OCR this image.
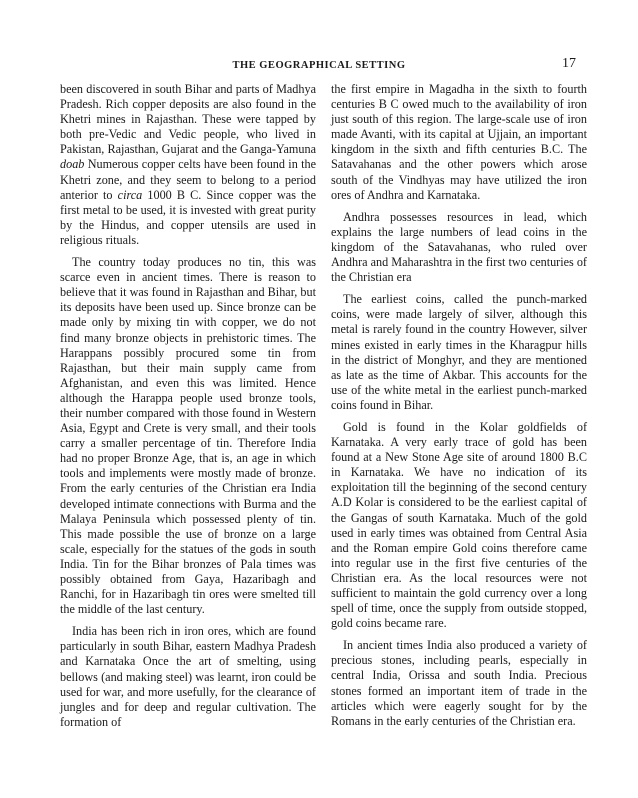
THE GEOGRAPHICAL SETTING	17

been discovered in south Bihar and parts of Madhya Pradesh. Rich copper deposits are also found in the Khetri mines in Rajasthan. These were tapped by both pre-Vedic and Vedic people, who lived in Pakistan, Rajasthan, Gujarat and the Ganga-Yamuna doab Numerous copper celts have been found in the Khetri zone, and they seem to belong to a period anterior to circa 1000 B C. Since copper was the first metal to be used, it is invested with great purity by the Hindus, and copper utensils are used in religious rituals.

The country today produces no tin, this was scarce even in ancient times. There is reason to believe that it was found in Rajasthan and Bihar, but its deposits have been used up. Since bronze can be made only by mixing tin with copper, we do not find many bronze objects in prehistoric times. The Harappans possibly procured some tin from Rajasthan, but their main supply came from Afghanistan, and even this was limited. Hence although the Harappa people used bronze tools, their number compared with those found in Western Asia, Egypt and Crete is very small, and their tools carry a smaller percentage of tin. Therefore India had no proper Bronze Age, that is, an age in which tools and implements were mostly made of bronze. From the early centuries of the Christian era India developed intimate connections with Burma and the Malaya Peninsula which possessed plenty of tin. This made possible the use of bronze on a large scale, especially for the statues of the gods in south India. Tin for the Bihar bronzes of Pala times was possibly obtained from Gaya, Hazaribagh and Ranchi, for in Hazaribagh tin ores were smelted till the middle of the last century.

India has been rich in iron ores, which are found particularly in south Bihar, eastern Madhya Pradesh and Karnataka Once the art of smelting, using bellows (and making steel) was learnt, iron could be used for war, and more usefully, for the clearance of jungles and for deep and regular cultivation. The formation of

the first empire in Magadha in the sixth to fourth centuries B C owed much to the availability of iron just south of this region. The large-scale use of iron made Avanti, with its capital at Ujjain, an important kingdom in the sixth and fifth centuries B.C. The Satavahanas and the other powers which arose south of the Vindhyas may have utilized the iron ores of Andhra and Karnataka.

Andhra possesses resources in lead, which explains the large numbers of lead coins in the kingdom of the Satavahanas, who ruled over Andhra and Maharashtra in the first two centuries of the Christian era

The earliest coins, called the punch-marked coins, were made largely of silver, although this metal is rarely found in the country However, silver mines existed in early times in the Kharagpur hills in the district of Monghyr, and they are mentioned as late as the time of Akbar. This accounts for the use of the white metal in the earliest punch-marked coins found in Bihar.

Gold is found in the Kolar goldfields of Karnataka. A very early trace of gold has been found at a New Stone Age site of around 1800 B.C in Karnataka. We have no indication of its exploitation till the beginning of the second century A.D Kolar is considered to be the earliest capital of the Gangas of south Karnataka. Much of the gold used in early times was obtained from Central Asia and the Roman empire Gold coins therefore came into regular use in the first five centuries of the Christian era. As the local resources were not sufficient to maintain the gold currency over a long spell of time, once the supply from outside stopped, gold coins became rare.

In ancient times India also produced a variety of precious stones, including pearls, especially in central India, Orissa and south India. Precious stones formed an important item of trade in the articles which were eagerly sought for by the Romans in the early centuries of the Christian era.
